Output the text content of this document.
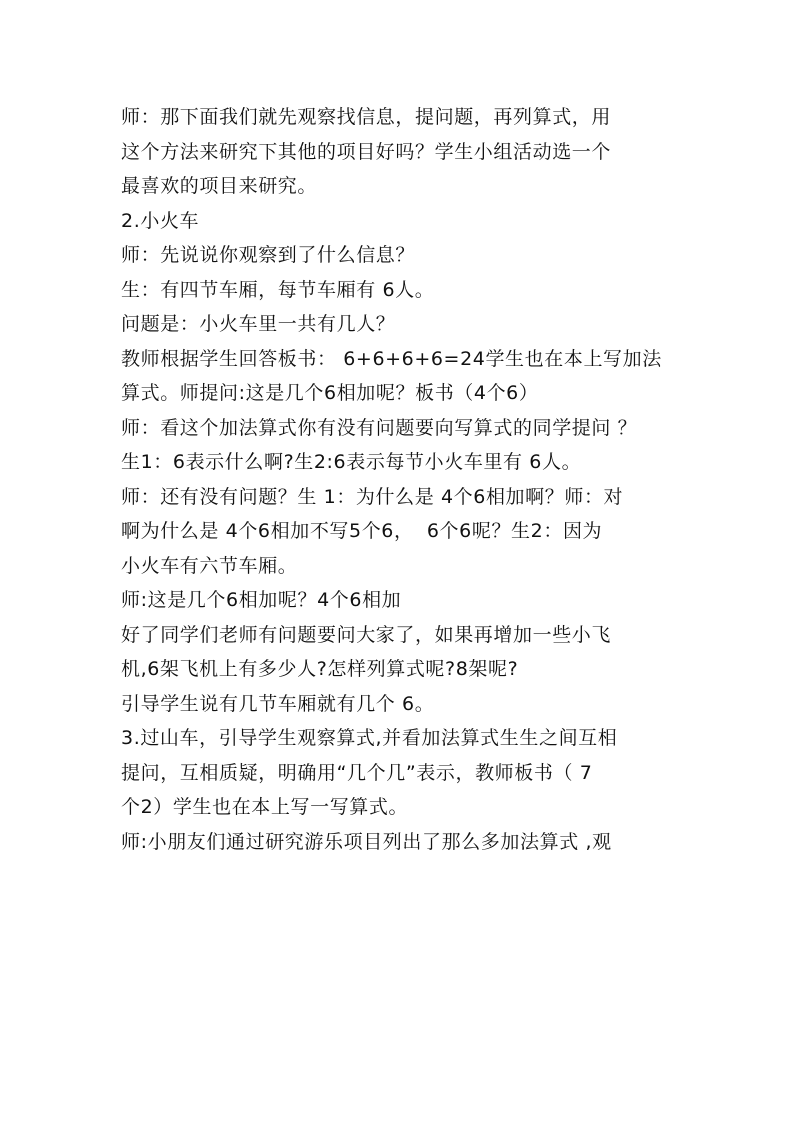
师：那下面我们就先观察找信息，提问题，再列算式，用
这个方法来研究下其他的项目好吗？学生小组活动选一个
最喜欢的项目来研究。
2.小火车
师：先说说你观察到了什么信息？
生：有四节车厢，每节车厢有 6人。
问题是：小火车里一共有几人？
教师根据学生回答板书： 6+6+6+6=24学生也在本上写加法
算式。师提问:这是几个6相加呢？板书（4个6）
师：看这个加法算式你有没有问题要向写算式的同学提问 ？
生1：6表示什么啊?生2:6表示每节小火车里有 6人。
师：还有没有问题？生 1：为什么是 4个6相加啊？师：对
啊为什么是 4个6相加不写5个6，  6个6呢？生2：因为
小火车有六节车厢。
师:这是几个6相加呢？4个6相加
好了同学们老师有问题要问大家了，如果再增加一些小飞
机,6架飞机上有多少人?怎样列算式呢?8架呢?
引导学生说有几节车厢就有几个 6。
3.过山车，引导学生观察算式,并看加法算式生生之间互相
提问，互相质疑，明确用“几个几”表示，教师板书（ 7
个2）学生也在本上写一写算式。
师:小朋友们通过研究游乐项目列出了那么多加法算式 ,观
